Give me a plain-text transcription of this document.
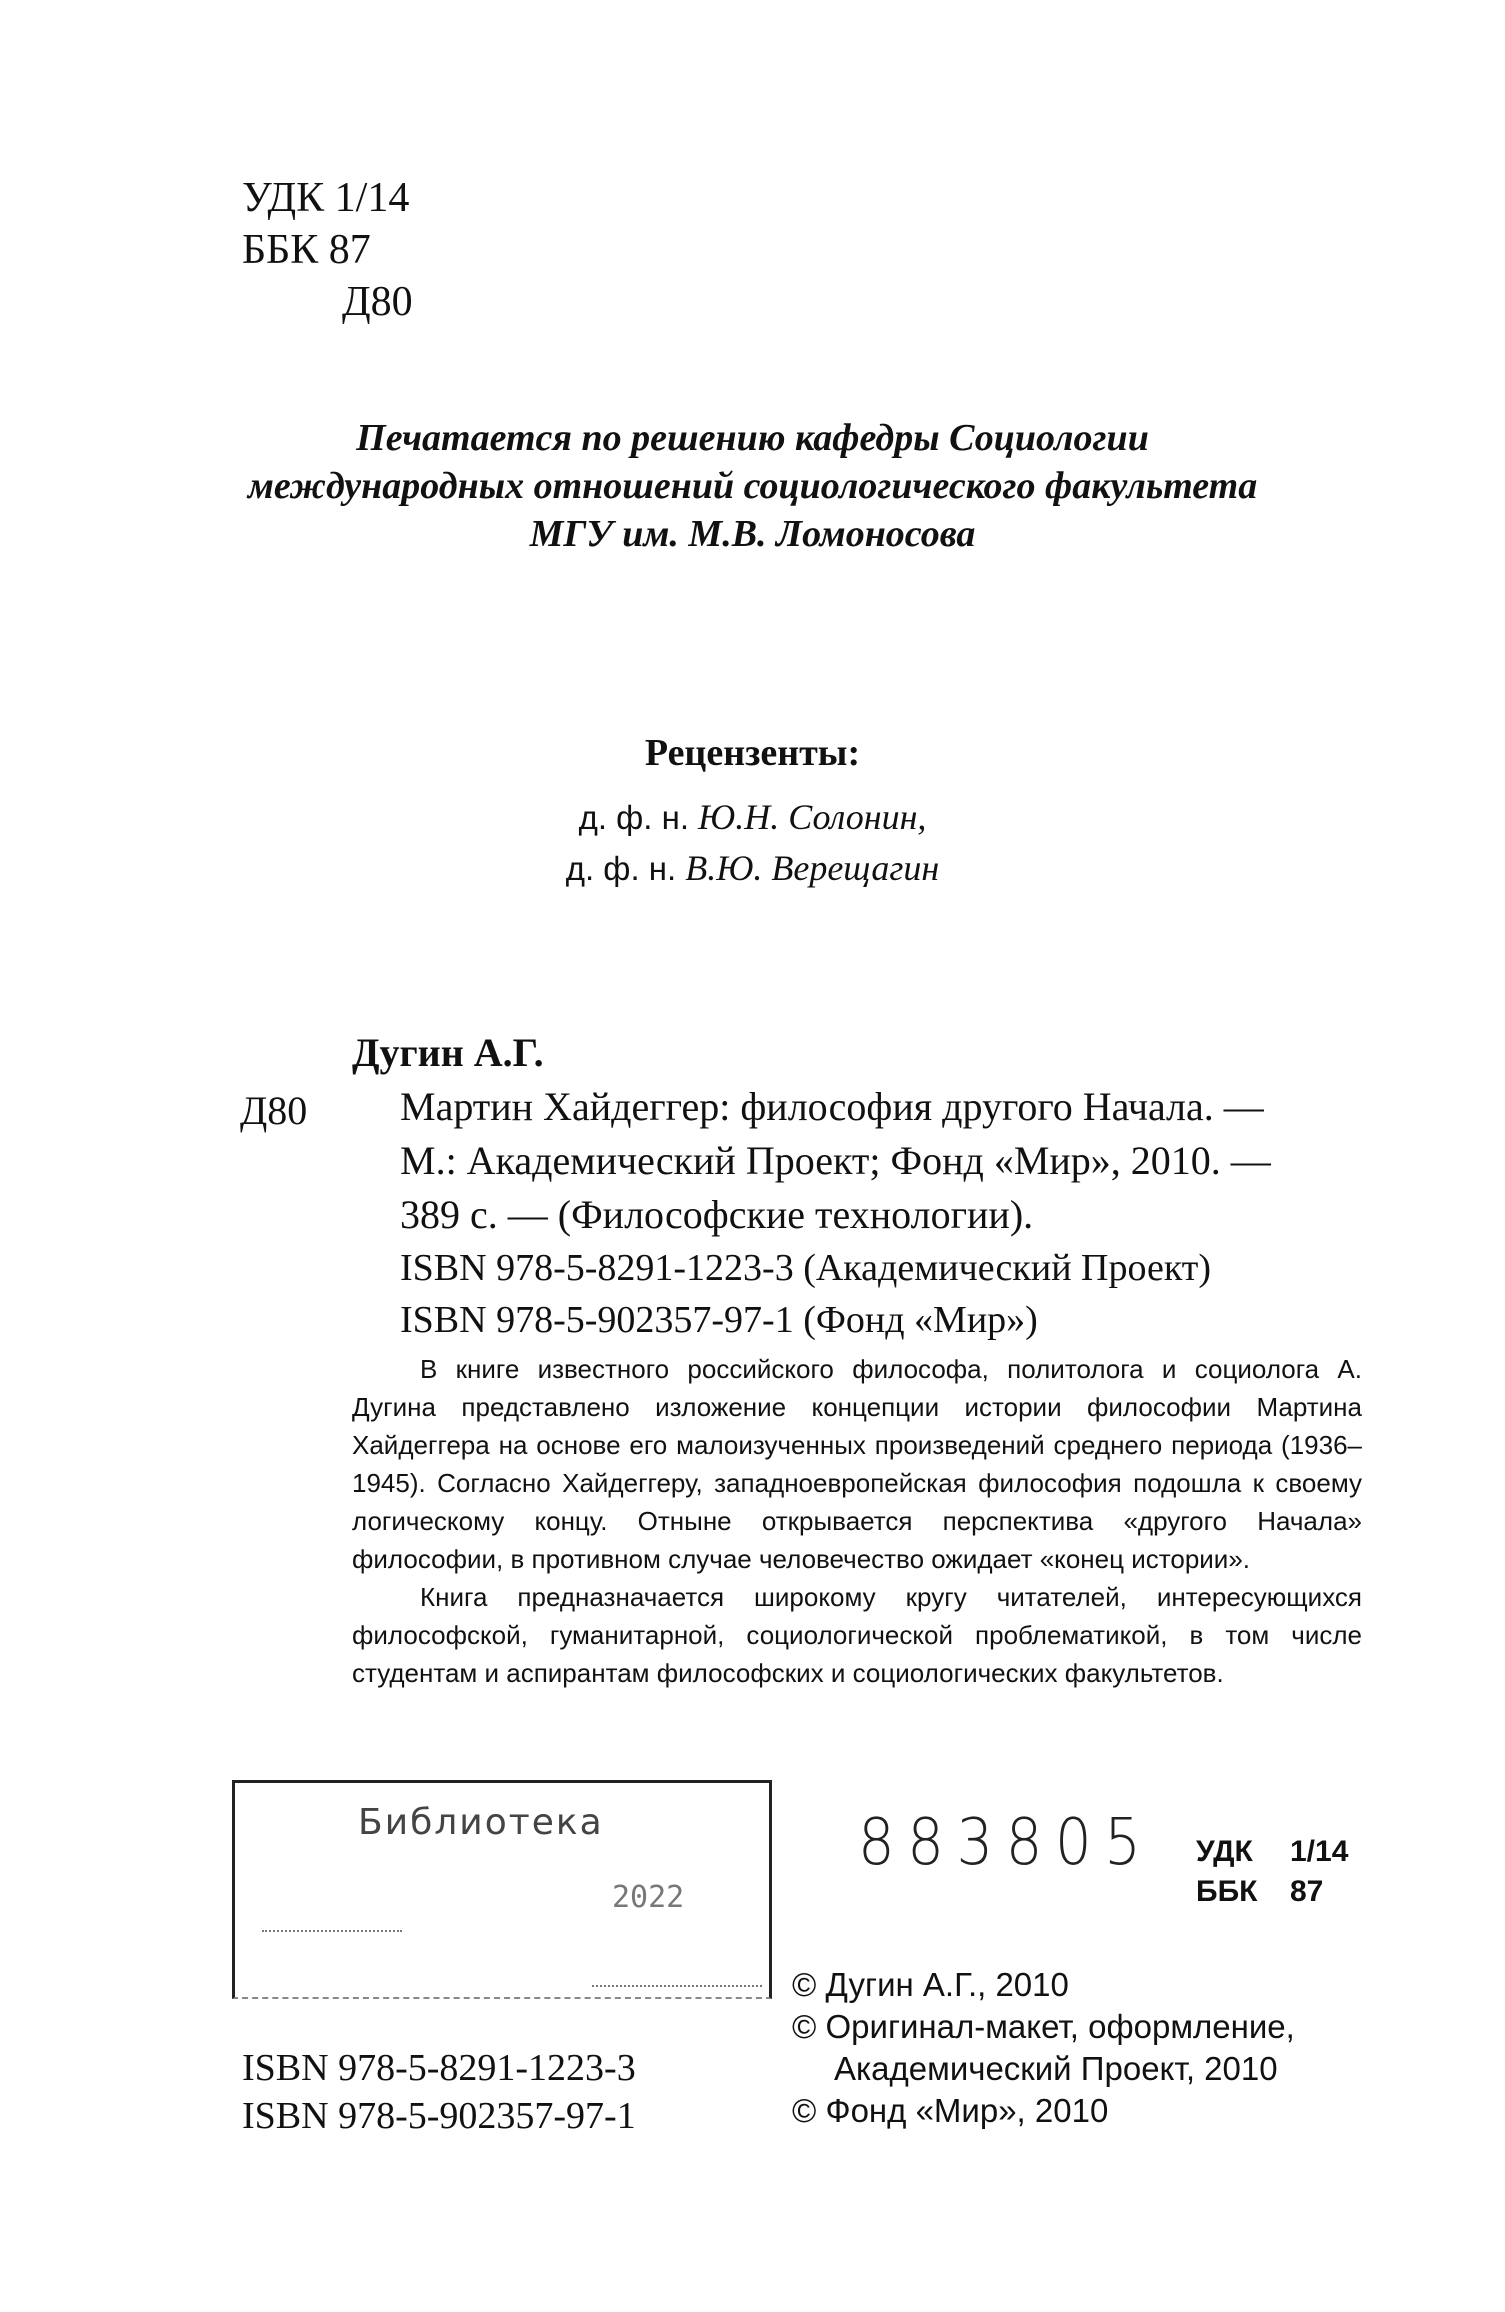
УДК 1/14
ББК 87
Д80
Печатается по решению кафедры Социологии
международных отношений социологического факультета
МГУ им. М.В. Ломоносова
Рецензенты:
д. ф. н. Ю.Н. Солонин,
д. ф. н. В.Ю. Верещагин
Дугин А.Г.
Д80 Мартин Хайдеггер: философия другого Начала. —
М.: Академический Проект; Фонд «Мир», 2010. —
389 с. — (Философские технологии).
ISBN 978-5-8291-1223-3 (Академический Проект)
ISBN 978-5-902357-97-1 (Фонд «Мир»)

В книге известного российского философа, политолога и социолога А. Дугина представлено изложение концепции истории философии Мартина Хайдеггера на основе его малоизученных произведений среднего периода (1936–1945). Согласно Хайдеггеру, западноевропейская философия подошла к своему логическому концу. Отныне открывается перспектива «другого Начала» философии, в противном случае человечество ожидает «конец истории».

Книга предназначается широкому кругу читателей, интересующихся философской, гуманитарной, социологической проблематикой, в том числе студентам и аспирантам философских и социологических факультетов.

Библиотека
2022
883805 УДК 1/14
ББК 87
© Дугин А.Г., 2010
© Оригинал-макет, оформление,
Академический Проект, 2010
© Фонд «Мир», 2010
ISBN 978-5-8291-1223-3
ISBN 978-5-902357-97-1
